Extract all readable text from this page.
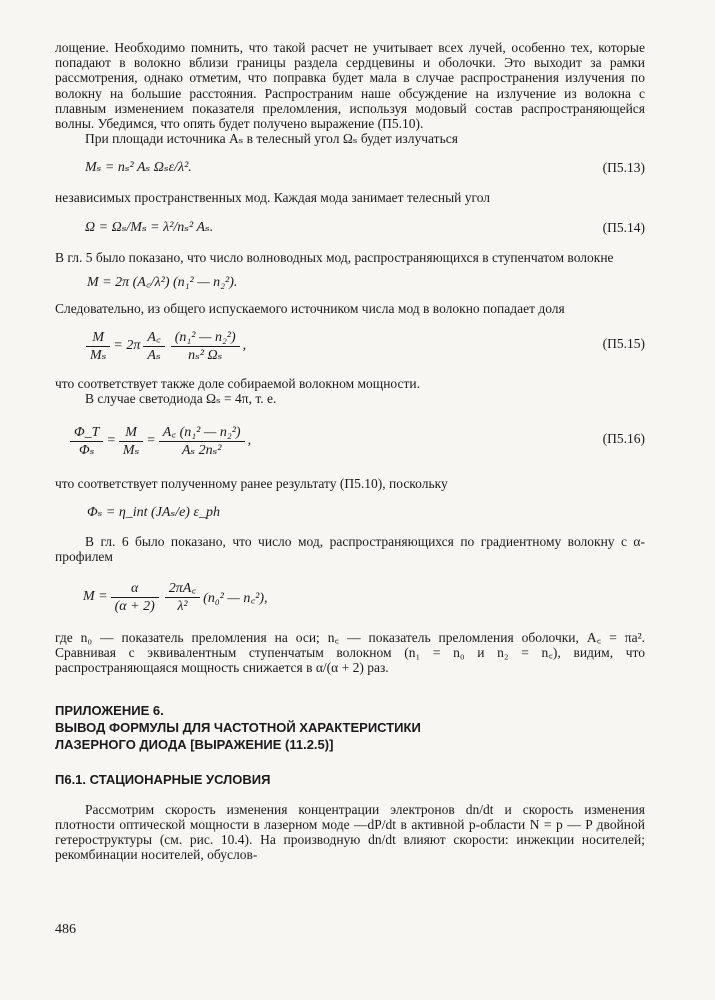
лощение. Необходимо помнить, что такой расчет не учитывает всех лучей, особенно тех, которые попадают в волокно вблизи границы раздела сердцевины и оболочки. Это выходит за рамки рассмотрения, однако отметим, что поправка будет мала в случае распространения излучения по волокну на большие расстояния. Распространим наше обсуждение на излучение из волокна с плавным изменением показателя преломления, используя модовый состав распространяющейся волны. Убедимся, что опять будет получено выражение (П5.10).

При площади источника Aₛ в телесный угол Ωₛ будет излучаться

Mₛ = nₛ² Aₛ Ωₛε/λ².	(П5.13)

независимых пространственных мод. Каждая мода занимает телесный угол

Ω = Ωₛ/Mₛ = λ²/nₛ² Aₛ.	(П5.14)

В гл. 5 было показано, что число волноводных мод, распространяющихся в ступенчатом волокне

M = 2π (A꜀/λ²) (n₁² — n₂²).

Следовательно, из общего испускаемого источником числа мод в волокно попадает доля

$\frac{M}{\text{Mₛ}} = 2\pi \frac{A꜀}{\text{Aₛ}} \frac{\text{(n₁² — n₂²)}}{\text{nₛ² Ωₛ}}$ ,	(П5.15)

что соответствует также доле собираемой волокном мощности.

В случае светодиода Ωₛ = 4π, т. е.

$\frac{\Phi\_T}{\text{Φₛ}} = \frac{M}{\text{Mₛ}} = \frac{\text{A꜀ (n₁² — n₂²)}}{\text{Aₛ 2nₛ²}}$ ,	(П5.16)

что соответствует полученному ранее результату (П5.10), поскольку

Φₛ = η_int (JAₛ/e) ε_ph

В гл. 6 было показано, что число мод, распространяющихся по градиентному волокну с α-профилем

$M = \frac{\alpha}{(\alpha + 2)} \frac{2\pi A꜀}{\text{λ²}} (n_0^2$ — n꜀²),

где n₀ — показатель преломления на оси; n꜀ — показатель преломления оболочки, A꜀ = πa². Сравнивая с эквивалентным ступенчатым волокном (n₁ = n₀ и n₂ = n꜀), видим, что распространяющаяся мощность снижается в α/(α + 2) раз.

ПРИЛОЖЕНИЕ 6.

ВЫВОД ФОРМУЛЫ ДЛЯ ЧАСТОТНОЙ ХАРАКТЕРИСТИКИ

ЛАЗЕРНОГО ДИОДА [ВЫРАЖЕНИЕ (11.2.5)]

П6.1. СТАЦИОНАРНЫЕ УСЛОВИЯ

Рассмотрим скорость изменения концентрации электронов dn/dt и скорость изменения плотности оптической мощности в лазерном моде —dP/dt в активной p-области N = p — P двойной гетероструктуры (см. рис. 10.4). На производную dn/dt влияют скорости: инжекции носителей; рекомбинации носителей, обуслов-

486
